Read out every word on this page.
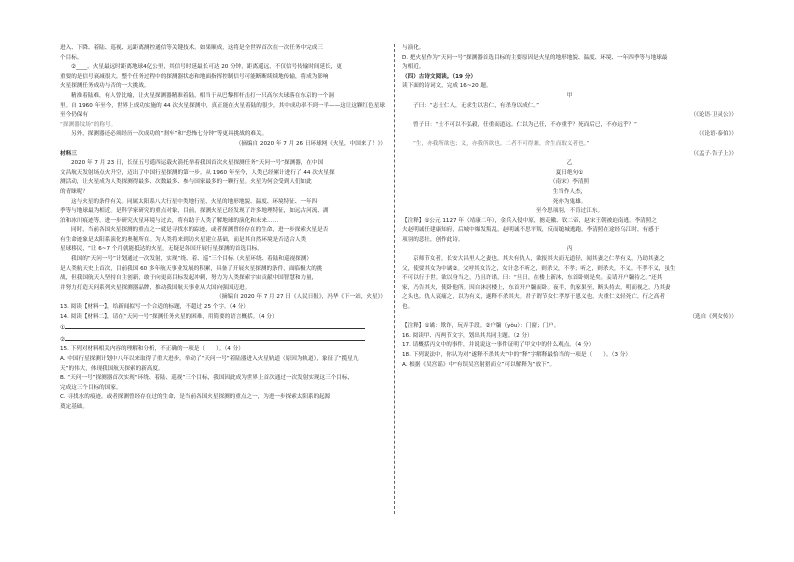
进入、下降、着陆、巡视、远距离测控通信等关键技术。如果顺成，这将是全世界首次在一次任务中完成三

个目标。

②____。火星最远时距离地球4亿公里，其信号时延最长可达 20 分钟，距离遥远，不仅信号传输时间延长，更

重要的是信号衰减很大，整个任务过程中的探测器状态和地面指挥控制信号可能断断续续地传输，将成为影响

火星探测任务成功与否的一大挑战。

精准着陆难，有人曾比喻，让火星探测器精准着陆，相当于从巴黎挥杆击打一只高尔夫球落在东京的一个洞

里。自 1960 年至今，世界上成功实施的 44 次火星探测中，真正能在火星着陆的很少，其中成功率不到一半——这让这颗红色星球至今仍保有

“探测器坟场”的称号。

另外，探测器还必须经历一次成功的“刹车”和“恐怖七分钟”等更具挑战的难关。

（摘编自 2020 年 7 月 26 日环球网《火星，中国来了！》）

材料三

2020 年 7 月 23 日，长征五号遥四运载火箭托举着我国首次火星探测任务“天问一号”探测器，在中国

文昌航天发射场点火升空，迈出了中国行星探测的第一步。从 1960 年至今，人类已经累计进行了 44 次火星探

测活动，让火星成为人类探测得最多、次数最多、参与国家最多的一颗行星。火星为何会受到人们如此

的青睐呢？

这与火星的条件有关。同属太阳系八大行星中类地行星，火星的地形地貌、温度、环境特征、一年四

季等与地球最为相近。是科学家研究的重点对象，目前，探测火星已经发现了许多地理特征，如远古河流、湖

泊和冰川痕迹等，进一步研究火星环境与过去，将有助于人类了解地球的演化和未来……

同时，当前各国火星探测的重点之一就是寻找水的踪迹，或者探测曾经存在的生命，进一步探索火星是否

有生命迹象是太阳系演化的奥秘所在。为人类将来到访火星建立基础，而是其自然环境是否适合人类

星球移民，“让 6~7 个月就能抵达的火星，无疑是各国开展行星探测的首选目标。

我国的“天问一号”计划通过一次发射，实现“绕、着、巡”三个目标（火星环绕、着陆和巡视探测）

是人类航天史上首次，目前我国 60 多年航天事业发展的积累，具备了开展火星探测的条件，面临极大的挑

战，但我国航天人坚持自主创新，敢于向更高目标发起冲刺，努力为人类探索宇宙贡献中国智慧和力量，

并努力打造天问系列火星探测器品牌，推动我国航天事业从大国向强国迈进。

（摘编自 2020 年 7 月 27 日《人民日报》，冯华《下一站，火星》）

13. 阅读【材料一】，给新闻拟写一个合适的标题，不超过 25 个字。（4 分）

14. 阅读【材料二】，请在“天问一号”探测任务火星的困难，用简要的语言概括。（4 分）

①

②

15. 下列对材料相关内容的理解和分析，不正确的一项是（　　）。（4 分）

A. 中国行星探测计划中八年以来取得了重大进步，举动了“天问一号”着陆器进入火星轨道（原因为轨道），象征了“揽星九

天”的伟大，体现我国航天探索的新高度。

B. “天问一号”探测器首次实现“环绕、着陆、巡视”三个目标，我国因此成为世界上首次通过一次发射实现这三个目标，

完成这三个目标的国家。

C. 寻找水的痕迹，或者探测曾经存在过的生命，是当前各国火星探测的重点之一，为进一步探索太阳系的起源

奠定基础。

与演化。

D. 把火星作为“天问一号”探测器首选目标的主要原因是火星的地形地貌、温度、环境、一年四季等与地球最

为相近。

（四）古诗文阅读。（19 分）

读下面的诗词文，完成 16~20 题。

甲

子曰：“志士仁人，无求生以害仁，有杀身以成仁。”

（《论语·卫灵公》）

曾子曰：“士不可以不弘毅，任重而道远。仁以为己任，不亦重乎？死而后已，不亦远乎？”

（《论语·泰伯》）

“生，亦我所欲也；义，亦我所欲也。二者不可得兼，舍生而取义者也。”

（《孟子·告子上》）

乙

夏日绝句①

（南宋）李清照

生当作人杰，

死亦为鬼雄。

至今思项羽，不肯过江东。

【注释】①公元 1127 年（靖康二年），金兵入侵中原，掳走徽、钦二帝，赵宋王朝被迫南逃。李清照之

夫赵明诚任建康知府，后城中爆发叛乱，赵明诚不思平叛，反而缒城逃跑。李清照在途经乌江时，有感于

项羽的悲壮，创作此诗。

丙

京师节女者，长安大昌里人之妻也。其夫有仇人，欲报其夫而无道径，闻其妻之仁孝有义，乃劫其妻之

父，使要其女为中谲②。父呼其女告之，女计念不听之，则杀父，不孝；听之，则杀夫，不义。不孝不义，虽生

不可以行于世。欲以身当之，乃且许诺，曰：“旦日，在楼上新沐，东首卧则是矣。妾请开户牖待之。”还其

家，乃告其夫，使卧他所。因自沐居楼上，东首开户牖而卧。夜半，仇家果至，断头持去，明而视之，乃其妻

之头也。仇人哀痛之，以为有义，遂释不杀其夫。君子谓节女仁孝厚于恩义也。夫重仁义轻死亡，行之高者

也。

（选自《列女传》）

【注释】①谲：欺诈，玩弄手段。②户牖（yǒu）：门窗；门户。

16. 阅读甲、丙两节文字，划出其共同主题。（2 分）

17. 请概括丙文中的事件，并说说这一事件证明了甲文中的什么观点。（4 分）

18. 下列说法中，你认为对“遂释不杀其夫”中的“释”字解释最恰当的一项是（　　）。（3 分）

A. 根据《吴宫谣》中“有误吴宫射猎而立”可以解释为“放下”。
